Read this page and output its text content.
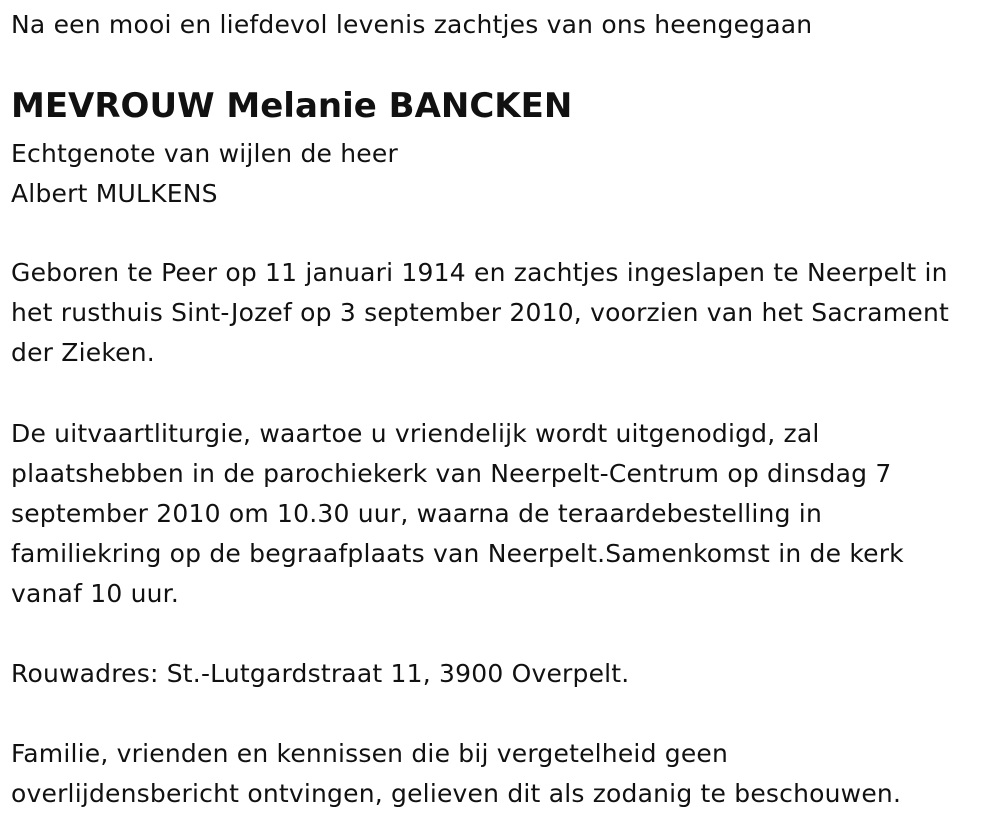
Na een mooi en liefdevol levenis zachtjes van ons heengegaan
MEVROUW Melanie BANCKEN
Echtgenote van wijlen de heer
Albert MULKENS
Geboren te Peer op 11 januari 1914 en zachtjes ingeslapen te Neerpelt in
het rusthuis Sint-Jozef op 3 september 2010, voorzien van het Sacrament
der Zieken.
De uitvaartliturgie, waartoe u vriendelijk wordt uitgenodigd, zal
plaatshebben in de parochiekerk van Neerpelt-Centrum op dinsdag 7
september 2010 om 10.30 uur, waarna de teraardebestelling in
familiekring op de begraafplaats van Neerpelt.Samenkomst in de kerk
vanaf 10 uur.
Rouwadres: St.-Lutgardstraat 11, 3900 Overpelt.
Familie, vrienden en kennissen die bij vergetelheid geen
overlijdensbericht ontvingen, gelieven dit als zodanig te beschouwen.
